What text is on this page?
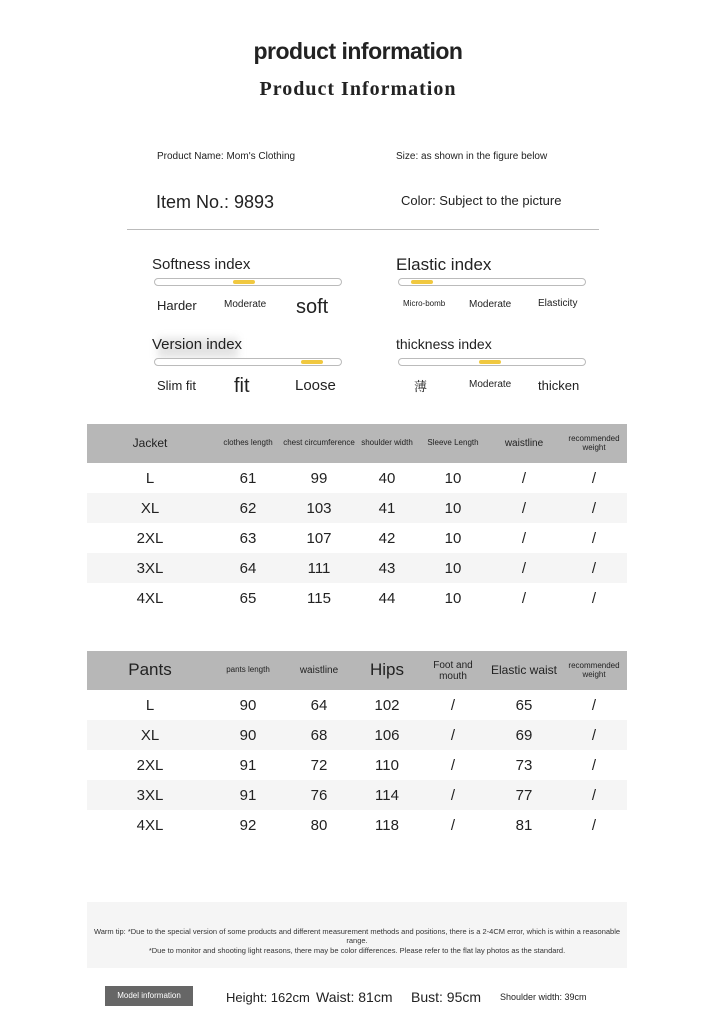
product information
Product Information
Product Name: Mom's Clothing	Size: as shown in the figure below
Item No.: 9893	Color: Subject to the picture
Softness index
Harder	Moderate soft
Elastic index
Micro-bomb Moderate	Elasticity
Version index
Slim fit fit	Loose
thickness index
薄	Moderate thicken
Jacket	clothes length	chest circumference	shoulder width	Sleeve Length	waistline	recommended weight
L	61	99	40	10	/	/
XL	62	103	41	10	/	/
2XL	63	107	42	10	/	/
3XL	64	111	43	10	/	/
4XL	65	115	44	10	/	/
Pants	pants length	waistline	Hips	Foot and mouth	Elastic waist	recommended weight
L	90	64	102	/	65	/
XL	90	68	106	/	69	/
2XL	91	72	110	/	73	/
3XL	91	76	114	/	77	/
4XL	92	80	118	/	81	/
Warm tip: *Due to the special version of some products and different measurement methods and positions, there is a 2-4CM error, which is within a reasonable range.
*Due to monitor and shooting light reasons, there may be color differences. Please refer to the flat lay photos as the standard.
Model information	Height: 162cm Waist: 81cm Bust: 95cm Shoulder width: 39cm
